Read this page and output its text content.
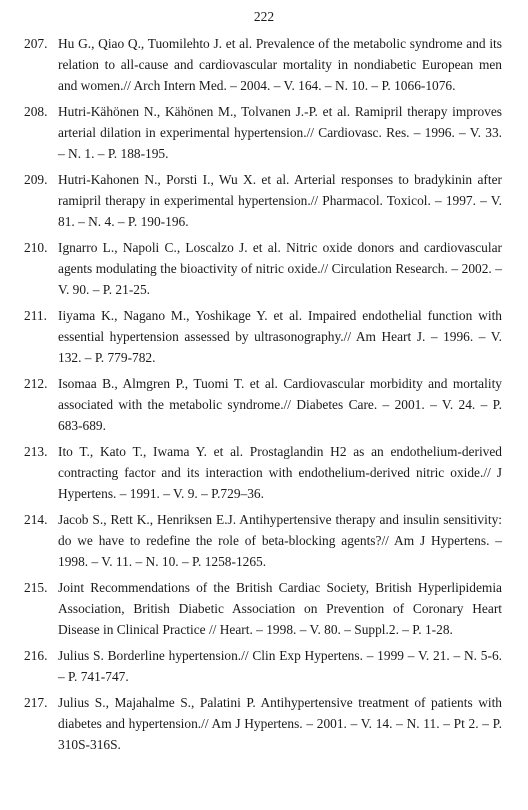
222
207. Hu G., Qiao Q., Tuomilehto J. et al. Prevalence of the metabolic syndrome and its relation to all-cause and cardiovascular mortality in nondiabetic European men and women.// Arch Intern Med. – 2004. – V. 164. – N. 10. – P. 1066-1076.
208. Hutri-Kähönen N., Kähönen M., Tolvanen J.-P. et al. Ramipril therapy improves arterial dilation in experimental hypertension.// Cardiovasc. Res. – 1996. – V. 33. – N. 1. – P. 188-195.
209. Hutri-Kahonen N., Porsti I., Wu X. et al. Arterial responses to bradykinin after ramipril therapy in experimental hypertension.// Pharmacol. Toxicol. – 1997. – V. 81. – N. 4. – P. 190-196.
210. Ignarro L., Napoli C., Loscalzo J. et al. Nitric oxide donors and cardiovascular agents modulating the bioactivity of nitric oxide.// Circulation Research. – 2002. – V. 90. – P. 21-25.
211. Iiyama K., Nagano M., Yoshikage Y. et al. Impaired endothelial function with essential hypertension assessed by ultrasonography.// Am Heart J. – 1996. – V. 132. – P. 779-782.
212. Isomaa B., Almgren P., Tuomi T. et al. Cardiovascular morbidity and mortality associated with the metabolic syndrome.// Diabetes Care. – 2001. – V. 24. – P. 683-689.
213. Ito T., Kato T., Iwama Y. et al. Prostaglandin H2 as an endothelium-derived contracting factor and its interaction with endothelium-derived nitric oxide.// J Hypertens. – 1991. – V. 9. – P.729–36.
214. Jacob S., Rett K., Henriksen E.J. Antihypertensive therapy and insulin sensitivity: do we have to redefine the role of beta-blocking agents?// Am J Hypertens. – 1998. – V. 11. – N. 10. – P. 1258-1265.
215. Joint Recommendations of the British Cardiac Society, British Hyperlipidemia Association, British Diabetic Association on Prevention of Coronary Heart Disease in Clinical Practice // Heart. – 1998. – V. 80. – Suppl.2. – P. 1-28.
216. Julius S. Borderline hypertension.// Clin Exp Hypertens. – 1999 – V. 21. – N. 5-6. – P. 741-747.
217. Julius S., Majahalme S., Palatini P. Antihypertensive treatment of patients with diabetes and hypertension.// Am J Hypertens. – 2001. – V. 14. – N. 11. – Pt 2. – P. 310S-316S.
